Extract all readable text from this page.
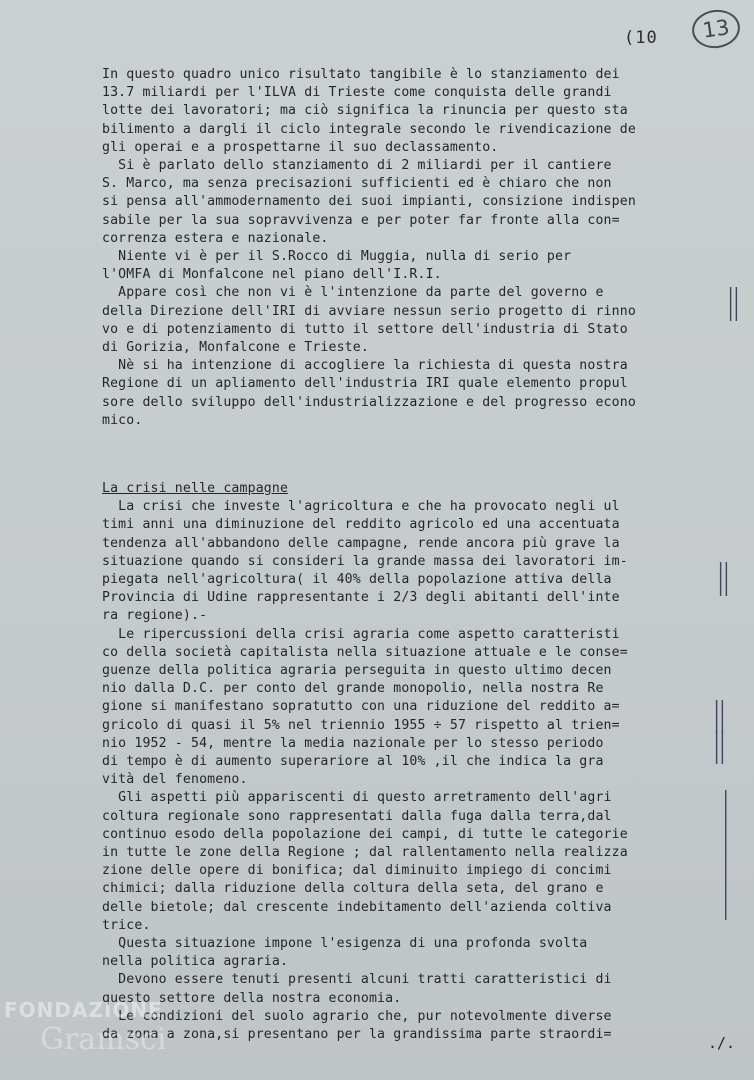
(10	13
In questo quadro unico risultato tangibile è lo stanziamento dei
13.7 miliardi per l'ILVA di Trieste come conquista delle grandi
lotte dei lavoratori; ma ciò significa la rinuncia per questo sta
bilimento a dargli il ciclo integrale secondo le rivendicazione de
gli operai e a prospettarne il suo declassamento.
Si è parlato dello stanziamento di 2 miliardi per il cantiere
S. Marco, ma senza precisazioni sufficienti ed è chiaro che non
si pensa all'ammodernamento dei suoi impianti, consizione indispen
sabile per la sua sopravvivenza e per poter far fronte alla con=
correnza estera e nazionale.
Niente vi è per il S.Rocco di Muggia, nulla di serio per
l'OMFA di Monfalcone nel piano dell'I.R.I.
Appare così che non vi è l'intenzione da parte del governo e
della Direzione dell'IRI di avviare nessun serio progetto di rinno
vo e di potenziamento di tutto il settore dell'industria di Stato
di Gorizia, Monfalcone e Trieste.
Nè si ha intenzione di accogliere la richiesta di questa nostra
Regione di un apliamento dell'industria IRI quale elemento propul
sore dello sviluppo dell'industrializzazione e del progresso econo
mico.
La crisi nelle campagne
La crisi che investe l'agricoltura e che ha provocato negli ul
timi anni una diminuzione del reddito agricolo ed una accentuata
tendenza all'abbandono delle campagne, rende ancora più grave la
situazione quando si consideri la grande massa dei lavoratori im-
piegata nell'agricoltura( il 40% della popolazione attiva della
Provincia di Udine rappresentante i 2/3 degli abitanti dell'inte
ra regione).-
Le ripercussioni della crisi agraria come aspetto caratteristi
co della società capitalista nella situazione attuale e le conse=
guenze della politica agraria perseguita in questo ultimo decen
nio dalla D.C. per conto del grande monopolio, nella nostra Re
gione si manifestano sopratutto con una riduzione del reddito a=
gricolo di quasi il 5% nel triennio 1955 ÷ 57 rispetto al trien=
nio 1952 - 54, mentre la media nazionale per lo stesso periodo
di tempo è di aumento superariore al 10% ,il che indica la gra
vità del fenomeno.
Gli aspetti più appariscenti di questo arretramento dell'agri
coltura regionale sono rappresentati dalla fuga dalla terra,dal
continuo esodo della popolazione dei campi, di tutte le categorie
in tutte le zone della Regione ; dal rallentamento nella realizza
zione delle opere di bonifica; dal diminuito impiego di concimi
chimici; dalla riduzione della coltura della seta, del grano e
delle bietole; dal crescente indebitamento dell'azienda coltiva
trice.
Questa situazione impone l'esigenza di una profonda svolta
nella politica agraria.
Devono essere tenuti presenti alcuni tratti caratteristici di
questo settore della nostra economia.
Le condizioni del suolo agrario che, pur notevolmente diverse
da zona a zona,si presentano per la grandissima parte straordi=
||
||
||
||
|
|
|
|
./.
FONDAZIONE
Gramsci
